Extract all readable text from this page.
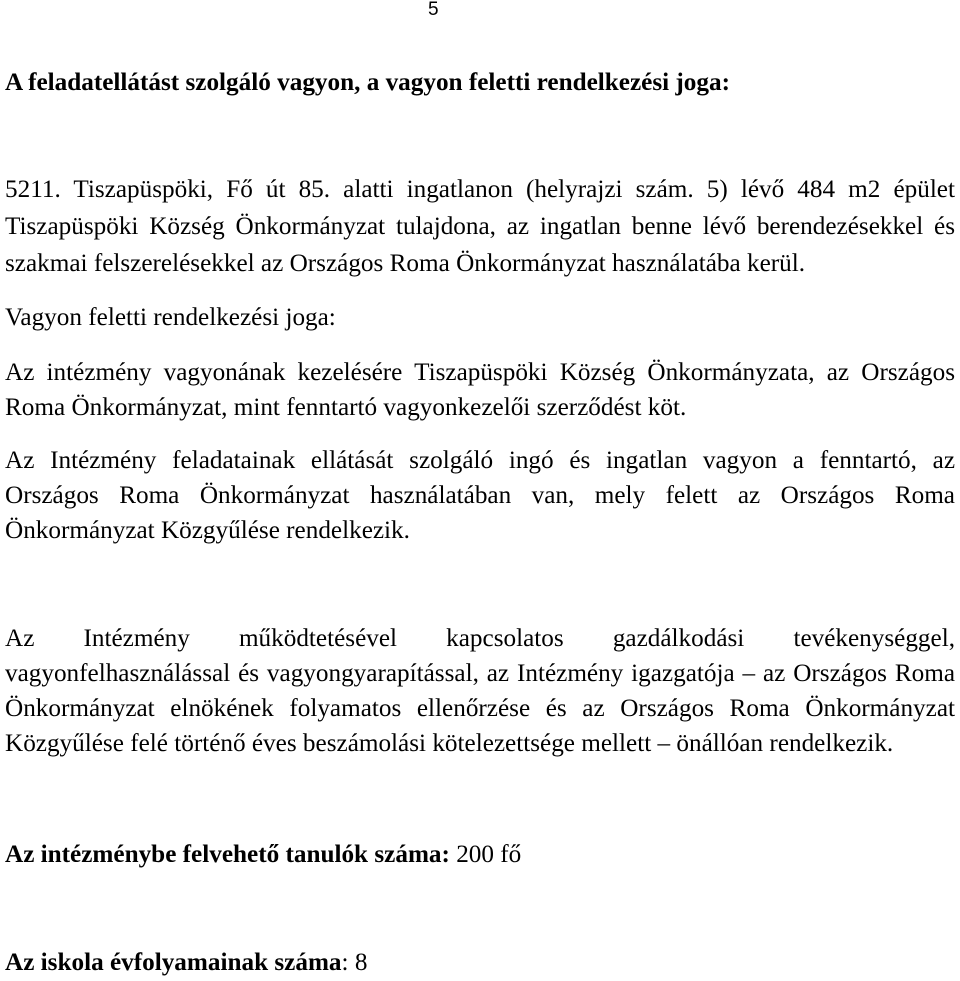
5
A feladatellátást szolgáló vagyon, a vagyon feletti rendelkezési joga:
5211. Tiszapüspöki, Fő út 85. alatti ingatlanon (helyrajzi szám. 5) lévő 484 m2 épület
Tiszapüspöki Község Önkormányzat tulajdona, az ingatlan benne lévő berendezésekkel és
szakmai felszerelésekkel az Országos Roma Önkormányzat használatába kerül.
Vagyon feletti rendelkezési joga:
Az intézmény vagyonának kezelésére Tiszapüspöki Község Önkormányzata, az Országos
Roma Önkormányzat, mint fenntartó vagyonkezelői szerződést köt.
Az Intézmény feladatainak ellátását szolgáló ingó és ingatlan vagyon a fenntartó, az
Országos Roma Önkormányzat használatában van, mely felett az Országos Roma
Önkormányzat Közgyűlése rendelkezik.
Az Intézmény működtetésével kapcsolatos gazdálkodási tevékenységgel,
vagyonfelhasználással és vagyongyarapítással, az Intézmény igazgatója – az Országos Roma
Önkormányzat elnökének folyamatos ellenőrzése és az Országos Roma Önkormányzat
Közgyűlése felé történő éves beszámolási kötelezettsége mellett – önállóan rendelkezik.
Az intézménybe felvehető tanulók száma: 200 fő
Az iskola évfolyamainak száma: 8
